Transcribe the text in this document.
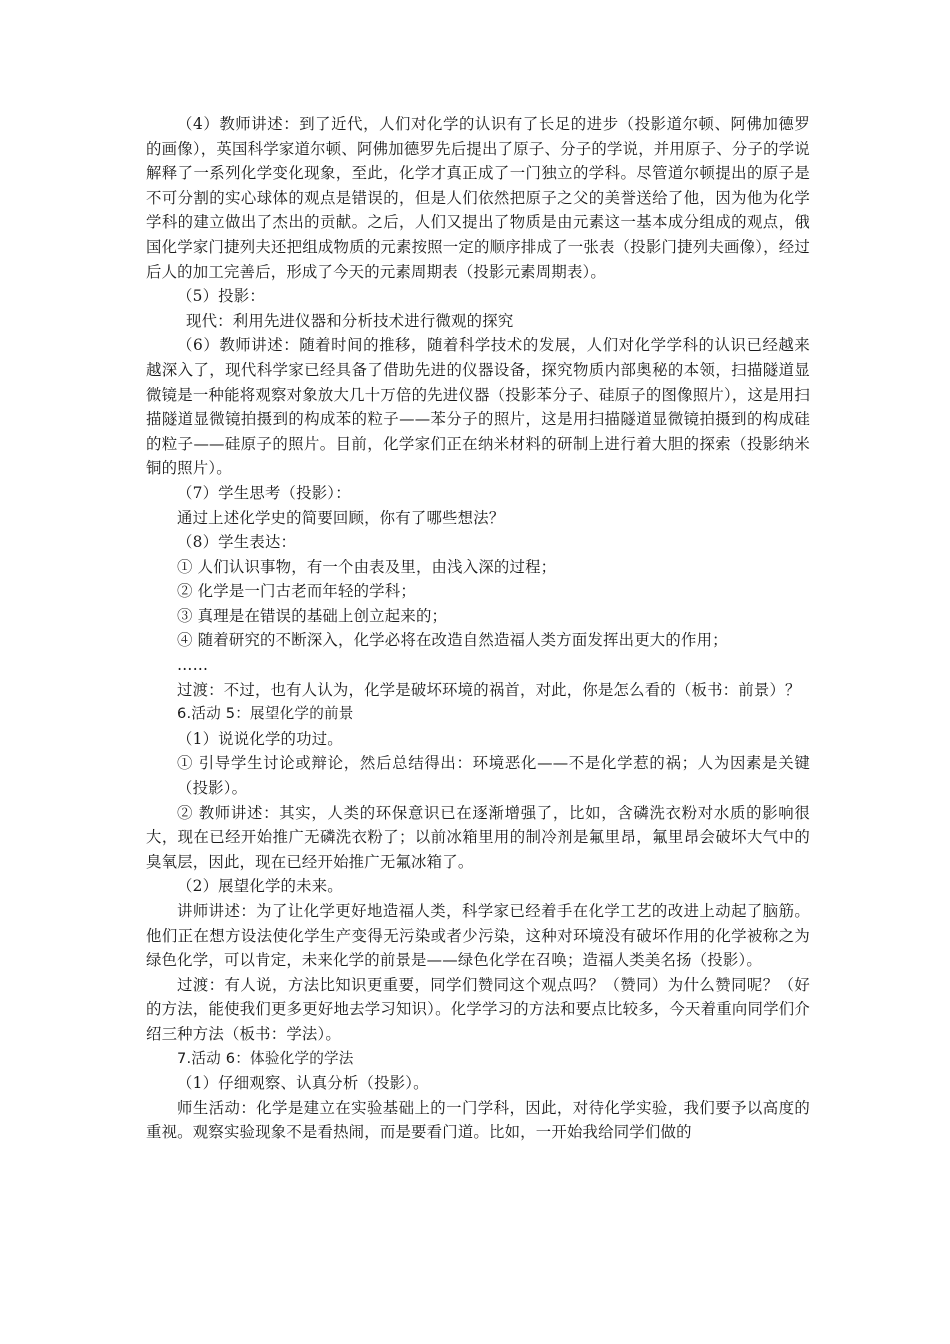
（4）教师讲述：到了近代，人们对化学的认识有了长足的进步（投影道尔顿、阿佛加德罗的画像），英国科学家道尔顿、阿佛加德罗先后提出了原子、分子的学说，并用原子、分子的学说解释了一系列化学变化现象，至此，化学才真正成了一门独立的学科。尽管道尔顿提出的原子是不可分割的实心球体的观点是错误的，但是人们依然把原子之父的美誉送给了他，因为他为化学学科的建立做出了杰出的贡献。之后，人们又提出了物质是由元素这一基本成分组成的观点，俄国化学家门捷列夫还把组成物质的元素按照一定的顺序排成了一张表（投影门捷列夫画像），经过后人的加工完善后，形成了今天的元素周期表（投影元素周期表）。

（5）投影：

现代：利用先进仪器和分析技术进行微观的探究

（6）教师讲述：随着时间的推移，随着科学技术的发展，人们对化学学科的认识已经越来越深入了，现代科学家已经具备了借助先进的仪器设备，探究物质内部奥秘的本领，扫描隧道显微镜是一种能将观察对象放大几十万倍的先进仪器（投影苯分子、硅原子的图像照片），这是用扫描隧道显微镜拍摄到的构成苯的粒子——苯分子的照片，这是用扫描隧道显微镜拍摄到的构成硅的粒子——硅原子的照片。目前，化学家们正在纳米材料的研制上进行着大胆的探索（投影纳米铜的照片）。

（7）学生思考（投影）：

通过上述化学史的简要回顾，你有了哪些想法？

（8）学生表达：

① 人们认识事物，有一个由表及里，由浅入深的过程；

② 化学是一门古老而年轻的学科；

③ 真理是在错误的基础上创立起来的；

④ 随着研究的不断深入，化学必将在改造自然造福人类方面发挥出更大的作用；

……

过渡：不过，也有人认为，化学是破坏环境的祸首，对此，你是怎么看的（板书：前景）？

6.活动 5：展望化学的前景

（1）说说化学的功过。

① 引导学生讨论或辩论，然后总结得出：环境恶化——不是化学惹的祸；人为因素是关键（投影）。

② 教师讲述：其实，人类的环保意识已在逐渐增强了，比如，含磷洗衣粉对水质的影响很大，现在已经开始推广无磷洗衣粉了；以前冰箱里用的制冷剂是氟里昂，氟里昂会破坏大气中的臭氧层，因此，现在已经开始推广无氟冰箱了。

（2）展望化学的未来。

讲师讲述：为了让化学更好地造福人类，科学家已经着手在化学工艺的改进上动起了脑筋。他们正在想方设法使化学生产变得无污染或者少污染，这种对环境没有破坏作用的化学被称之为绿色化学，可以肯定，未来化学的前景是——绿色化学在召唤；造福人类美名扬（投影）。

过渡：有人说，方法比知识更重要，同学们赞同这个观点吗？（赞同）为什么赞同呢？（好的方法，能使我们更多更好地去学习知识）。化学学习的方法和要点比较多，今天着重向同学们介绍三种方法（板书：学法）。

7.活动 6：体验化学的学法

（1）仔细观察、认真分析（投影）。

师生活动：化学是建立在实验基础上的一门学科，因此，对待化学实验，我们要予以高度的重视。观察实验现象不是看热闹，而是要看门道。比如，一开始我给同学们做的
